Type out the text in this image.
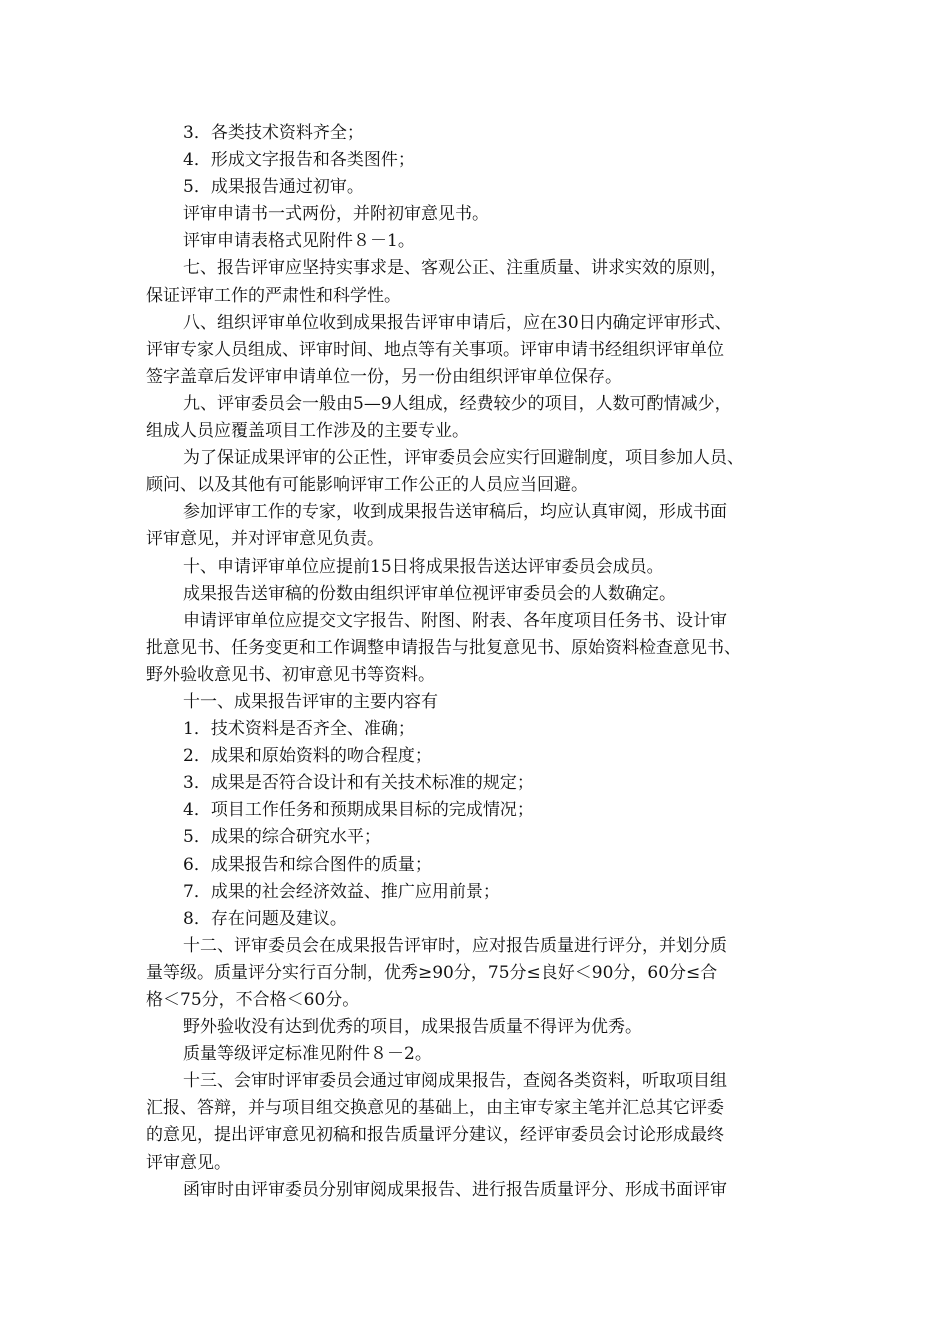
3．各类技术资料齐全；
4．形成文字报告和各类图件；
5．成果报告通过初审。
评审申请书一式两份，并附初审意见书。
评审申请表格式见附件８－1。
七、报告评审应坚持实事求是、客观公正、注重质量、讲求实效的原则，
保证评审工作的严肃性和科学性。
八、组织评审单位收到成果报告评审申请后，应在30日内确定评审形式、
评审专家人员组成、评审时间、地点等有关事项。评审申请书经组织评审单位
签字盖章后发评审申请单位一份，另一份由组织评审单位保存。
九、评审委员会一般由5—9人组成，经费较少的项目，人数可酌情减少，
组成人员应覆盖项目工作涉及的主要专业。
为了保证成果评审的公正性，评审委员会应实行回避制度，项目参加人员、
顾问、以及其他有可能影响评审工作公正的人员应当回避。
参加评审工作的专家，收到成果报告送审稿后，均应认真审阅，形成书面
评审意见，并对评审意见负责。
十、申请评审单位应提前15日将成果报告送达评审委员会成员。
成果报告送审稿的份数由组织评审单位视评审委员会的人数确定。
申请评审单位应提交文字报告、附图、附表、各年度项目任务书、设计审
批意见书、任务变更和工作调整申请报告与批复意见书、原始资料检查意见书、
野外验收意见书、初审意见书等资料。
十一、成果报告评审的主要内容有
1．技术资料是否齐全、准确；
2．成果和原始资料的吻合程度；
3．成果是否符合设计和有关技术标准的规定；
4．项目工作任务和预期成果目标的完成情况；
5．成果的综合研究水平；
6．成果报告和综合图件的质量；
7．成果的社会经济效益、推广应用前景；
8．存在问题及建议。
十二、评审委员会在成果报告评审时，应对报告质量进行评分，并划分质
量等级。质量评分实行百分制，优秀≥90分，75分≤良好＜90分，60分≤合
格＜75分，不合格＜60分。
野外验收没有达到优秀的项目，成果报告质量不得评为优秀。
质量等级评定标准见附件８－2。
十三、会审时评审委员会通过审阅成果报告，查阅各类资料，听取项目组
汇报、答辩，并与项目组交换意见的基础上，由主审专家主笔并汇总其它评委
的意见，提出评审意见初稿和报告质量评分建议，经评审委员会讨论形成最终
评审意见。
函审时由评审委员分别审阅成果报告、进行报告质量评分、形成书面评审
